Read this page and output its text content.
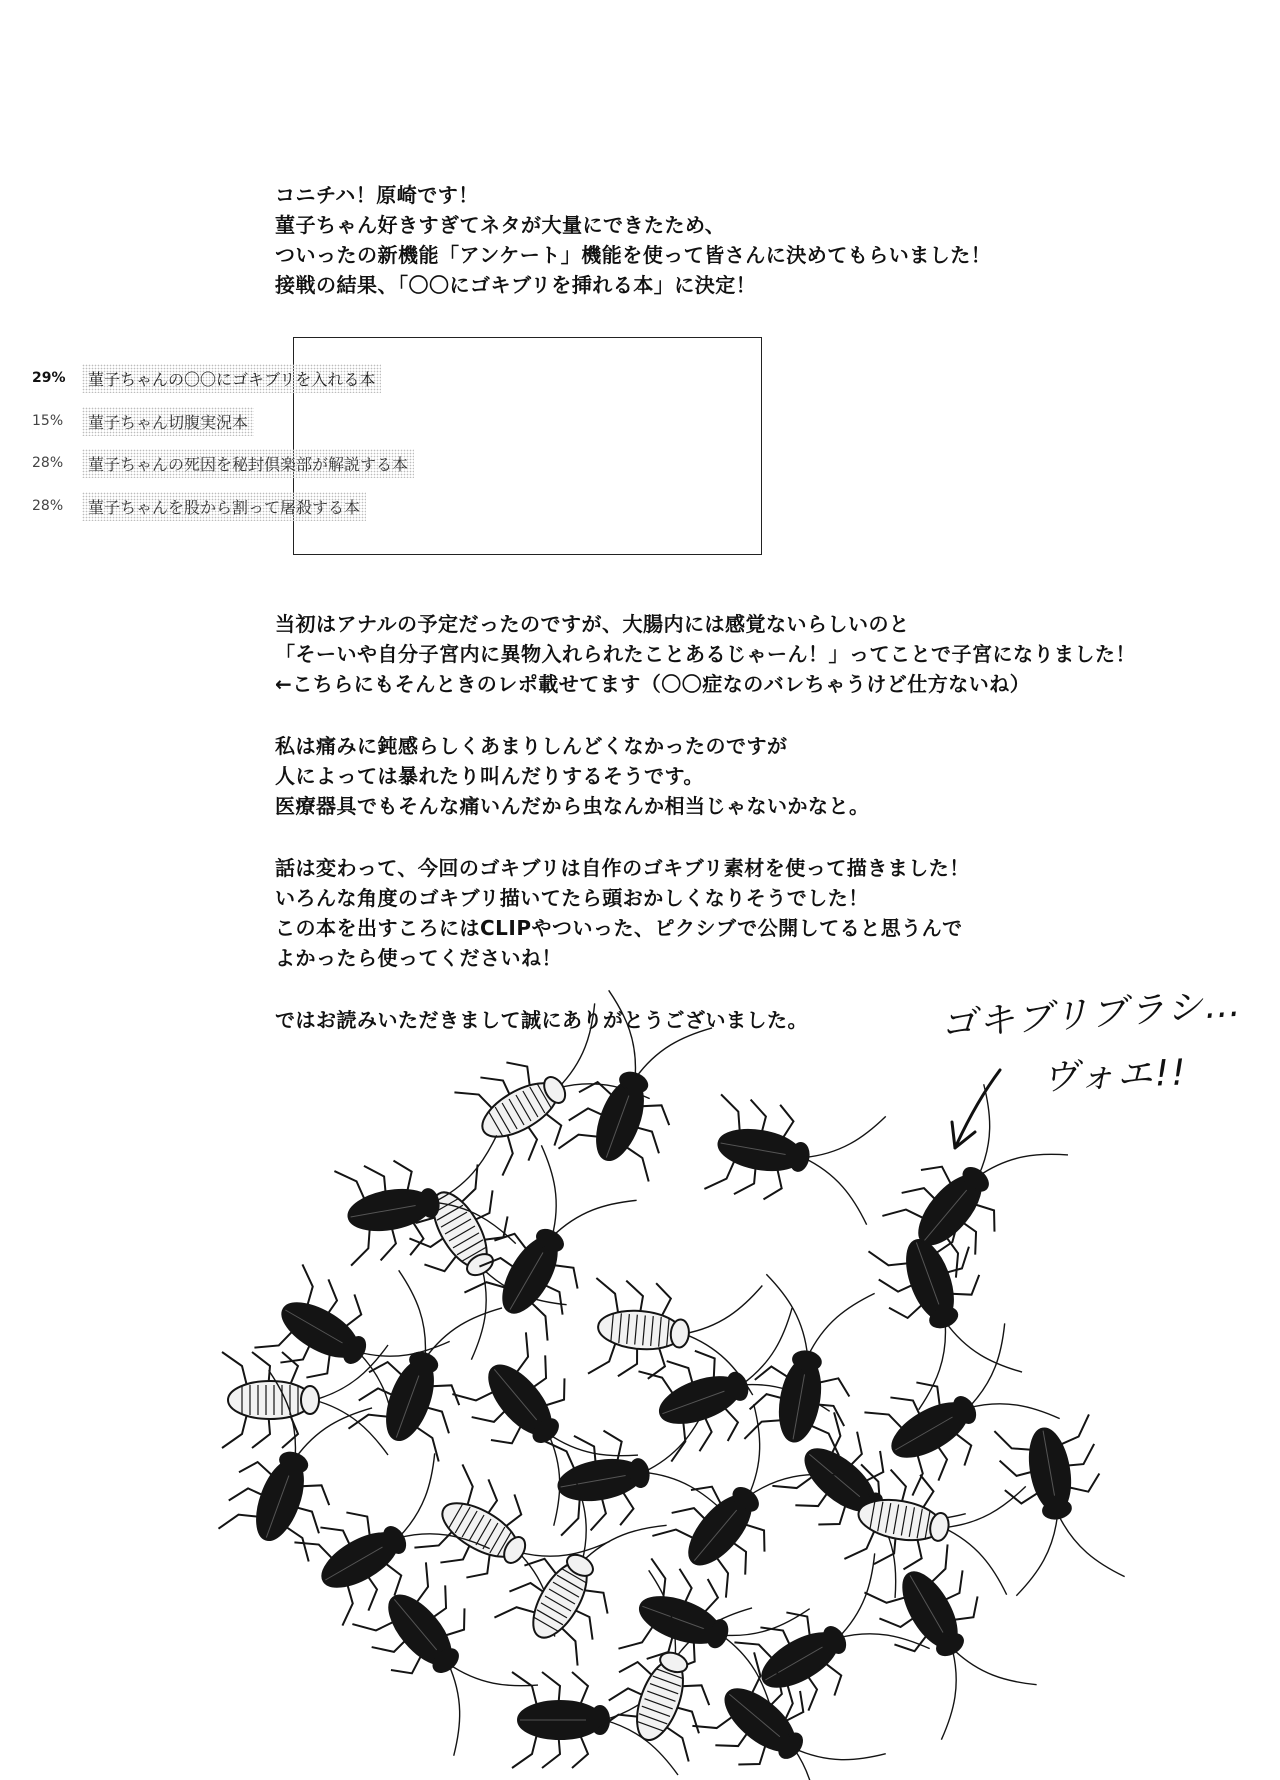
コニチハ！原崎です！
菫子ちゃん好きすぎてネタが大量にできたため、
ついったの新機能「アンケート」機能を使って皆さんに決めてもらいました！
接戦の結果、「〇〇にゴキブリを挿れる本」に決定！
29%	菫子ちゃんの〇〇にゴキブリを入れる本
15%	菫子ちゃん切腹実況本
28%	菫子ちゃんの死因を秘封倶楽部が解説する本
28%	菫子ちゃんを股から割って屠殺する本
当初はアナルの予定だったのですが、大腸内には感覚ないらしいのと
「そーいや自分子宮内に異物入れられたことあるじゃーん！」ってことで子宮になりました！
←こちらにもそんときのレポ載せてます（〇〇症なのバレちゃうけど仕方ないね）
私は痛みに鈍感らしくあまりしんどくなかったのですが
人によっては暴れたり叫んだりするそうです。
医療器具でもそんな痛いんだから虫なんか相当じゃないかなと。
話は変わって、今回のゴキブリは自作のゴキブリ素材を使って描きました！
いろんな角度のゴキブリ描いてたら頭おかしくなりそうでした！
この本を出すころにはCLIPやついった、ピクシブで公開してると思うんで
よかったら使ってくださいね！
ではお読みいただきまして誠にありがとうございました。	ゴキブリブラシ…
ヴォエ!!
